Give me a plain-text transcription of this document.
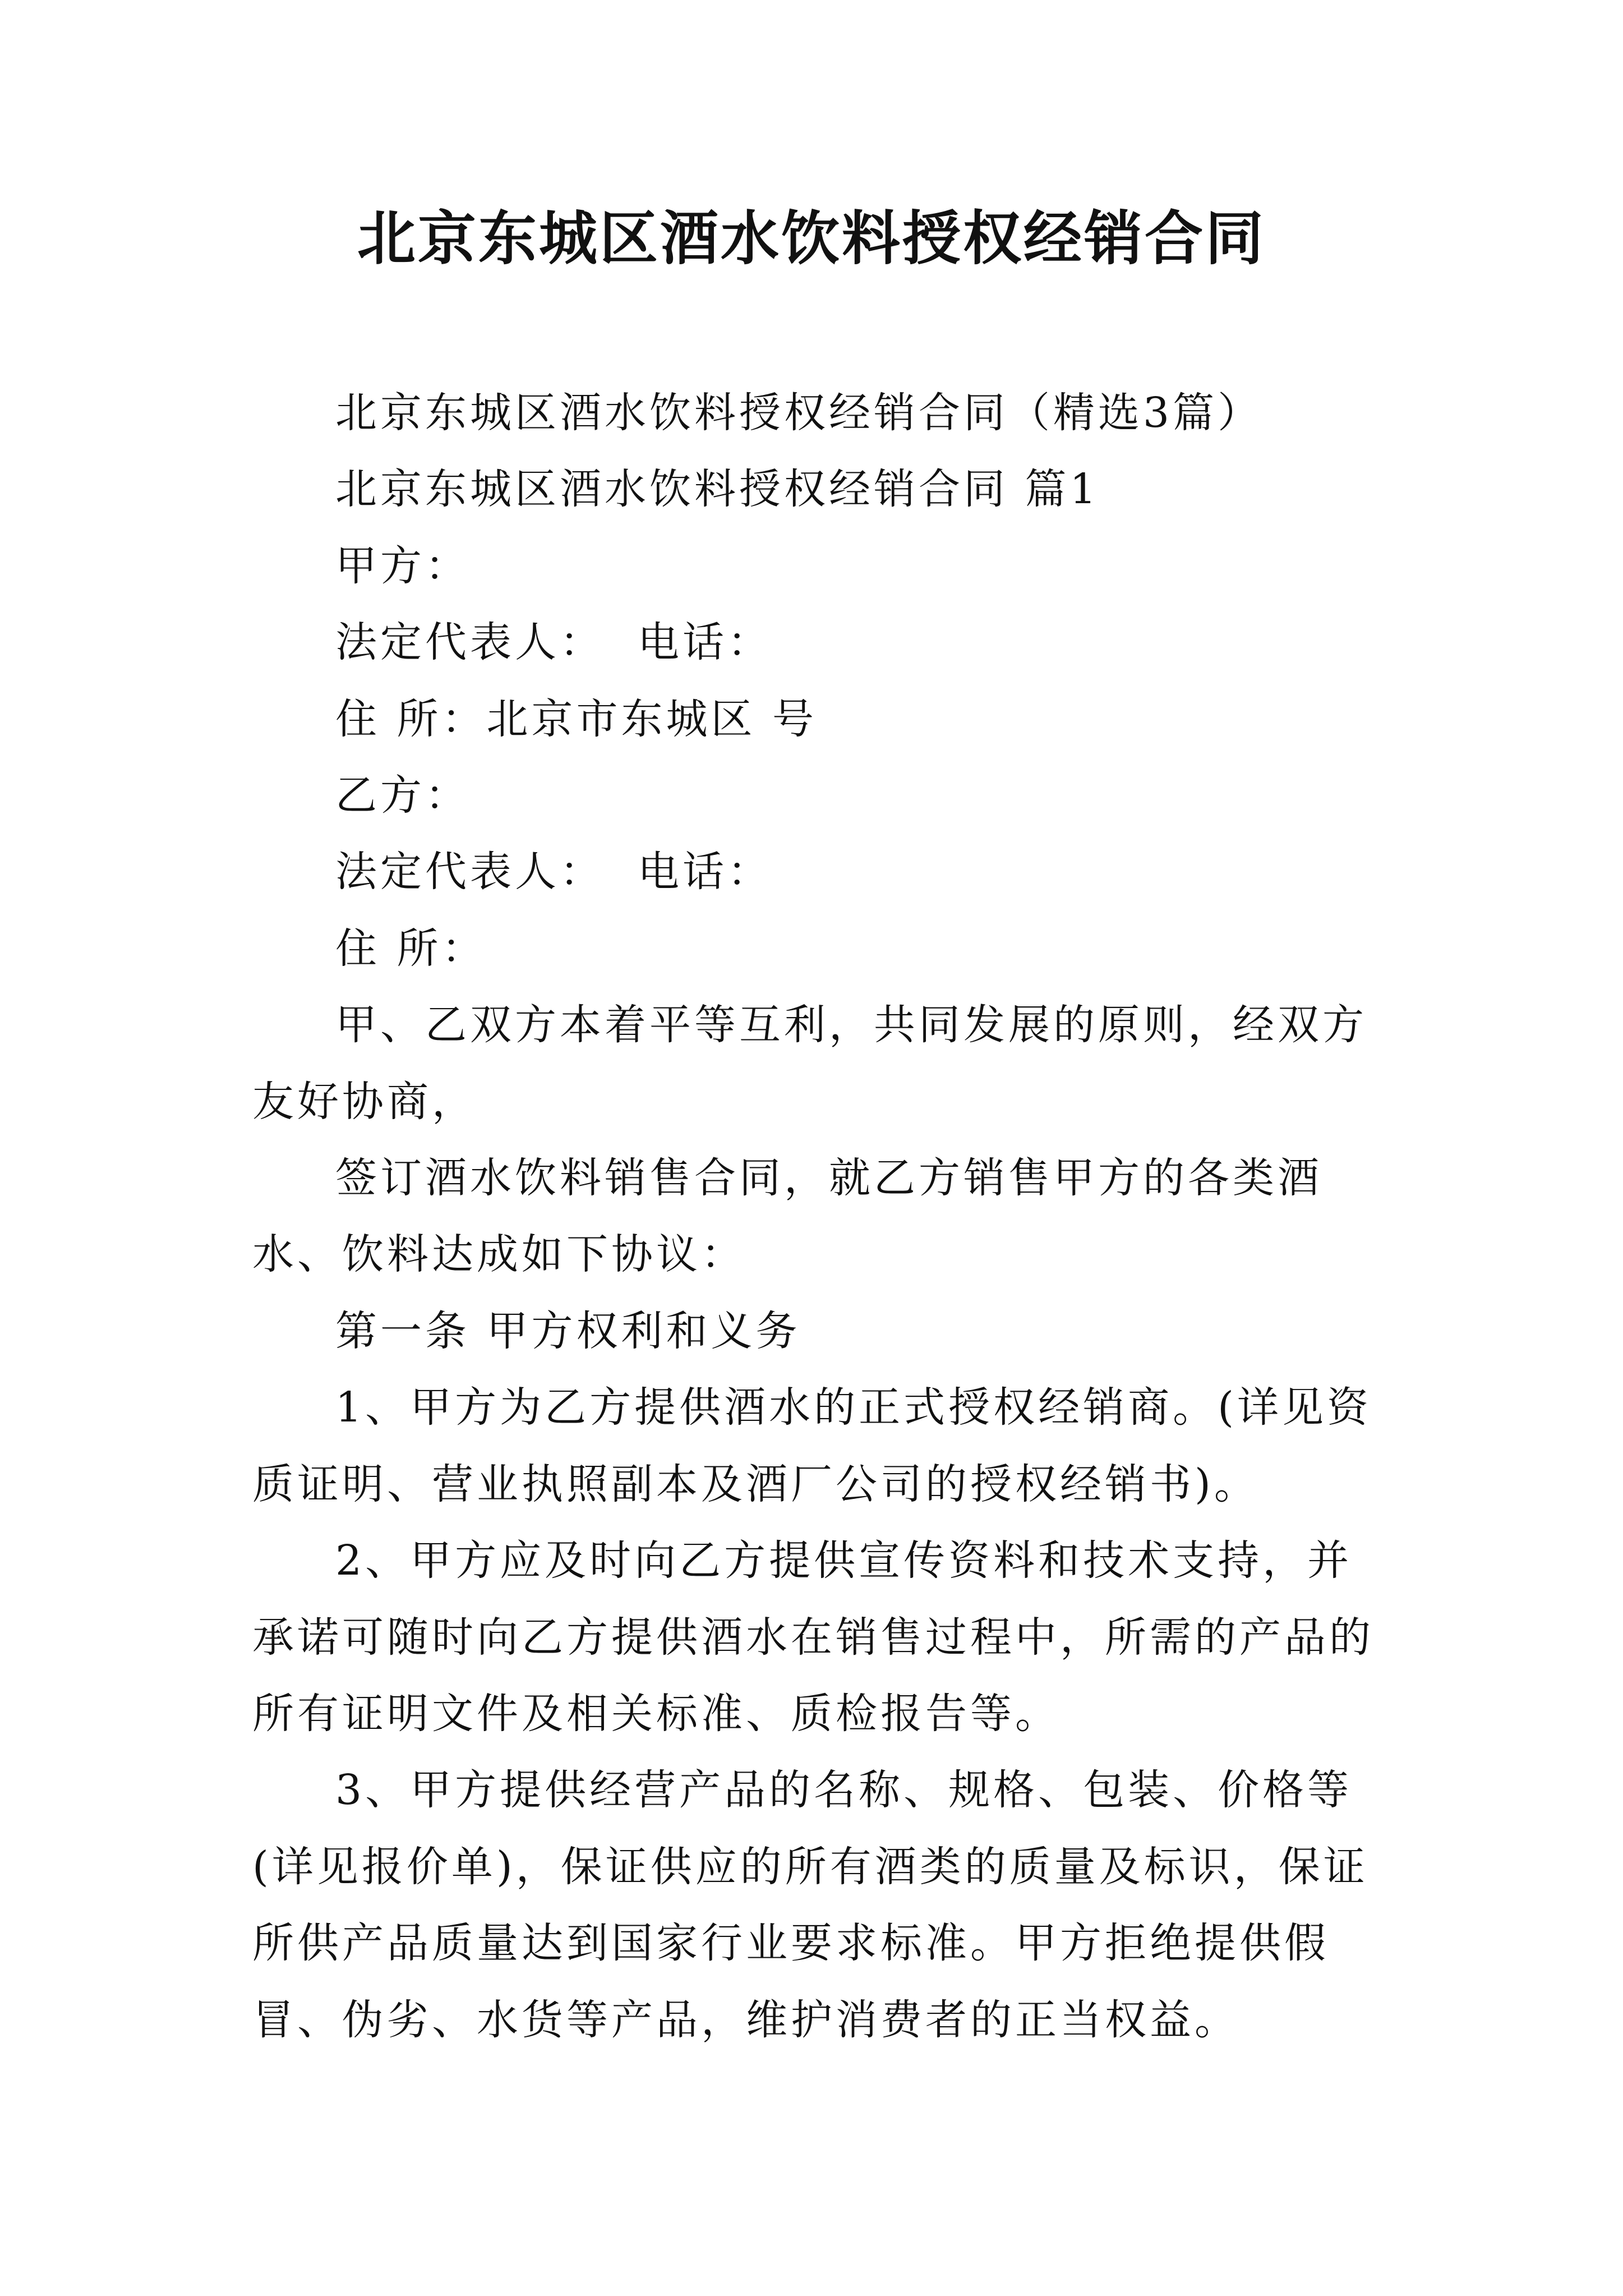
北京东城区酒水饮料授权经销合同

北京东城区酒水饮料授权经销合同（精选3篇）

北京东城区酒水饮料授权经销合同 篇1

甲方：

法定代表人：  电话：

住 所：北京市东城区 号

乙方：

法定代表人：  电话：

住 所：

甲、乙双方本着平等互利，共同发展的原则，经双方友好协商，

签订酒水饮料销售合同，就乙方销售甲方的各类酒水、饮料达成如下协议：

第一条 甲方权利和义务

1、甲方为乙方提供酒水的正式授权经销商。(详见资质证明、营业执照副本及酒厂公司的授权经销书)。

2、甲方应及时向乙方提供宣传资料和技术支持，并承诺可随时向乙方提供酒水在销售过程中，所需的产品的所有证明文件及相关标准、质检报告等。

3、甲方提供经营产品的名称、规格、包装、价格等(详见报价单)，保证供应的所有酒类的质量及标识，保证所供产品质量达到国家行业要求标准。甲方拒绝提供假冒、伪劣、水货等产品，维护消费者的正当权益。
